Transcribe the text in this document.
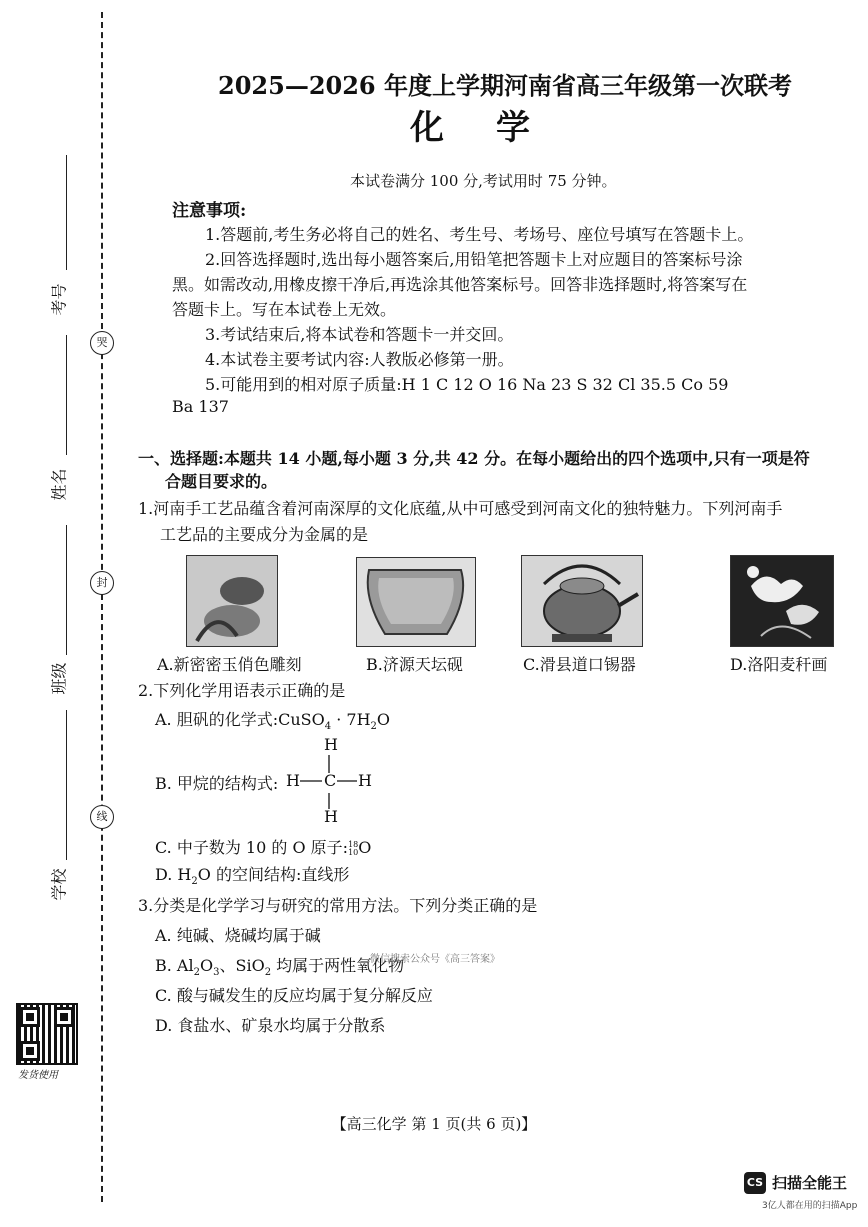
哭
封
线
考号
姓名
班级
学校
发货使用
2025—2026 年度上学期河南省高三年级第一次联考
化学
本试卷满分 100 分,考试用时 75 分钟。
注意事项:
1.答题前,考生务必将自己的姓名、考生号、考场号、座位号填写在答题卡上。
2.回答选择题时,选出每小题答案后,用铅笔把答题卡上对应题目的答案标号涂
黑。如需改动,用橡皮擦干净后,再选涂其他答案标号。回答非选择题时,将答案写在
答题卡上。写在本试卷上无效。
3.考试结束后,将本试卷和答题卡一并交回。
4.本试卷主要考试内容:人教版必修第一册。
5.可能用到的相对原子质量:H 1 C 12 O 16 Na 23 S 32 Cl 35.5 Co 59
Ba 137
一、选择题:本题共 14 小题,每小题 3 分,共 42 分。在每小题给出的四个选项中,只有一项是符
合题目要求的。
1.河南手工艺品蕴含着河南深厚的文化底蕴,从中可感受到河南文化的独特魅力。下列河南手
工艺品的主要成分为金属的是
A.新密密玉俏色雕刻	B.济源天坛砚	C.滑县道口锡器	D.洛阳麦秆画
2.下列化学用语表示正确的是
A. 胆矾的化学式:CuSO$_4$ · $7H_2O$
B. 甲烷的结构式:
H
H C H
H
C. 中子数为 10 的 O 原子: 18
10 O
D. $H_2O$ 的空间结构:直线形
3.分类是化学学习与研究的常用方法。下列分类正确的是
A. 纯碱、烧碱均属于碱
B. $Al_2O_3$、SiO$_2$ 均属于两性氧化物
微信搜索公众号《高三答案》
C. 酸与碱发生的反应均属于复分解反应
D. 食盐水、矿泉水均属于分散系
【高三化学 第 1 页(共 6 页)】
CS 扫描全能王
3亿人都在用的扫描App
